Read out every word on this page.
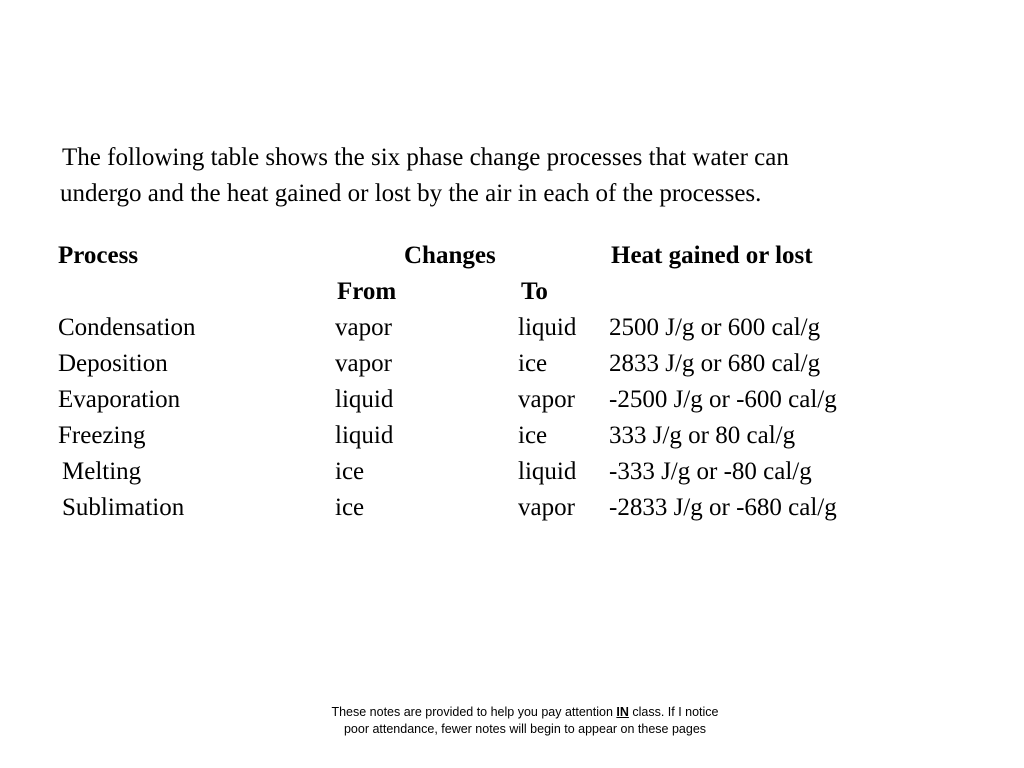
The following table shows the six phase change processes that water can
undergo and the heat gained or lost by the air in each of the processes.

Process	Changes	Heat gained or lost
From	To
Condensation	vapor	liquid 2500 J/g or 600 cal/g
Deposition	vapor	ice 2833 J/g or 680 cal/g
Evaporation	liquid	vapor -2500 J/g or -600 cal/g
Freezing	liquid	ice 333 J/g or 80 cal/g
Melting	ice	liquid -333 J/g or -80 cal/g
Sublimation	ice	vapor -2833 J/g or -680 cal/g
These notes are provided to help you pay attention IN class. If I notice
poor attendance, fewer notes will begin to appear on these pages
